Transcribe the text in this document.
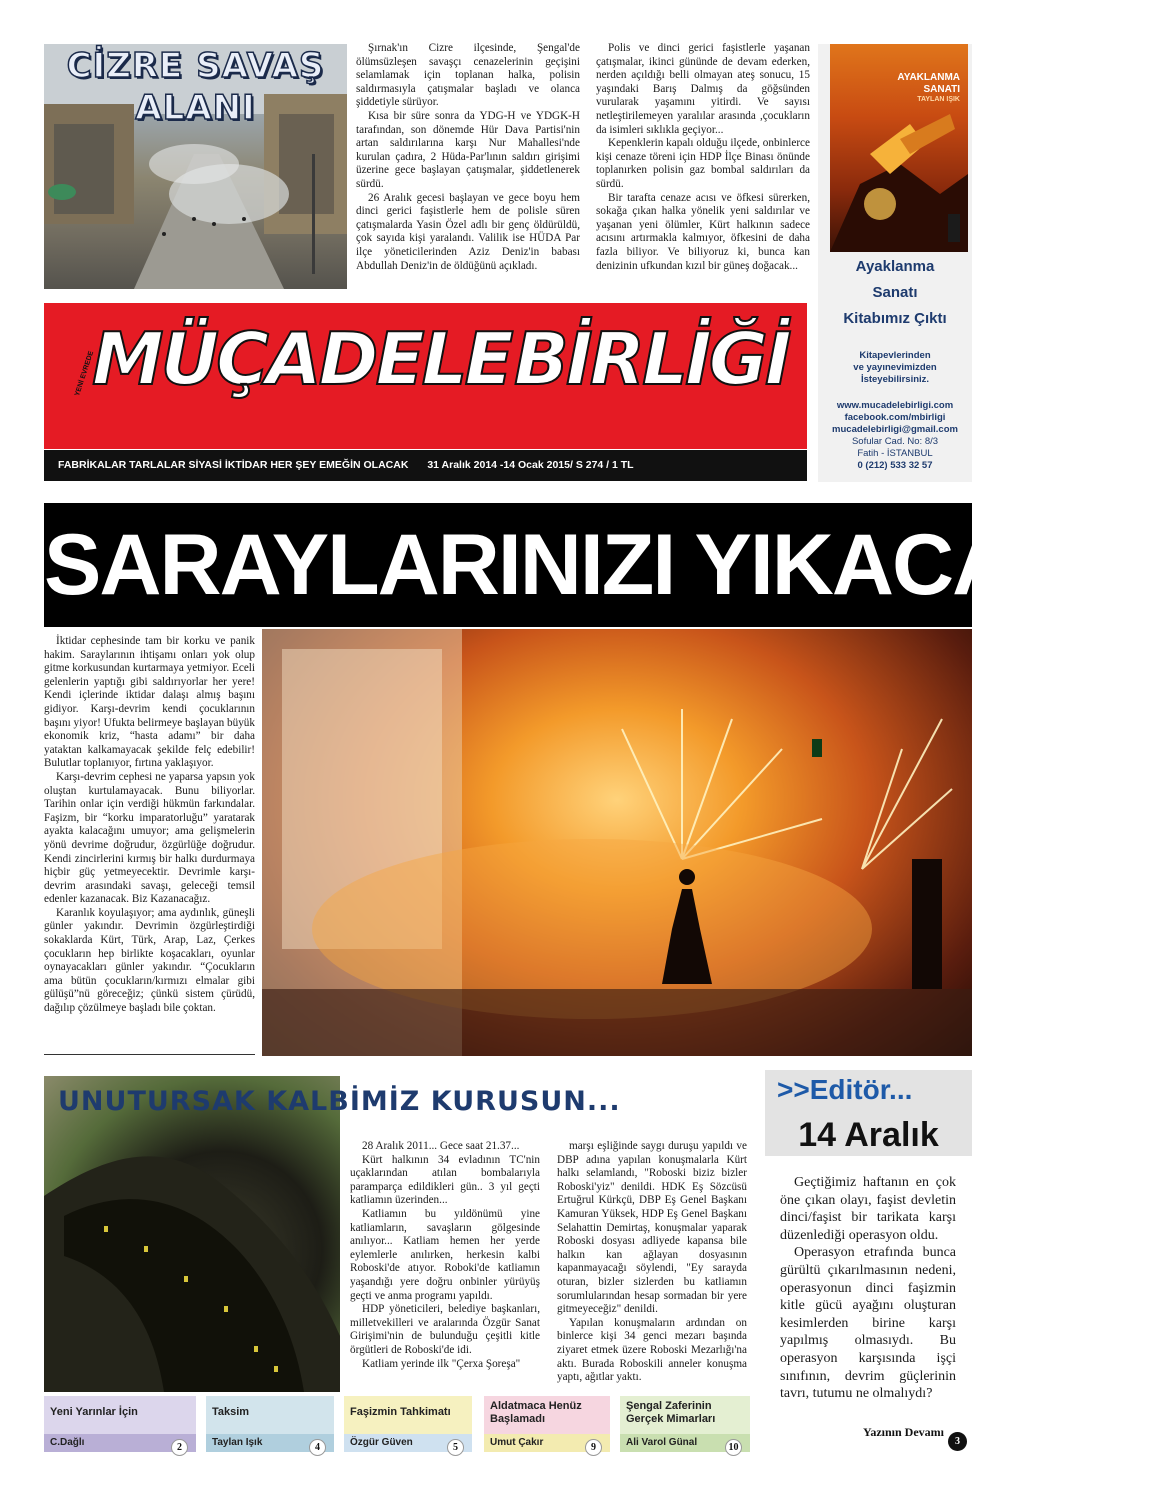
CİZRE SAVAŞ
ALANI

Şırnak'ın Cizre ilçesinde, Şengal'de ölümsüzleşen savaşçı cenazelerinin geçişini selamlamak için toplanan halka, polisin saldırmasıyla çatışmalar başladı ve olanca şiddetiyle sürüyor.

Kısa bir süre sonra da YDG-H ve YDGK-H tarafından, son dönemde Hür Dava Partisi'nin artan saldırılarına karşı Nur Mahallesi'nde kurulan çadıra, 2 Hüda-Par'lının saldırı girişimi üzerine gece başlayan çatışmalar, şiddetlenerek sürdü.

26 Aralık gecesi başlayan ve gece boyu hem dinci gerici faşistlerle hem de polisle süren çatışmalarda Yasin Özel adlı bir genç öldürüldü, çok sayıda kişi yaralandı. Valilik ise HÜDA Par ilçe yöneticilerinden Aziz Deniz'in babası Abdullah Deniz'in de öldüğünü açıkladı.

Polis ve dinci gerici faşistlerle yaşanan çatışmalar, ikinci gününde de devam ederken, nerden açıldığı belli olmayan ateş sonucu, 15 yaşındaki Barış Dalmış da göğsünden vurularak yaşamını yitirdi. Ve sayısı netleştirilemeyen yaralılar arasında ,çocukların da isimleri sıklıkla geçiyor...

Kepenklerin kapalı olduğu ilçede, onbinlerce kişi cenaze töreni için HDP İlçe Binası önünde toplanırken polisin gaz bombal saldırıları da sürdü.

Bir tarafta cenaze acısı ve öfkesi sürerken, sokağa çıkan halka yönelik yeni saldırılar ve yaşanan yeni ölümler, Kürt halkının sadece acısını artırmakla kalmıyor, öfkesini de daha fazla biliyor. Ve biliyoruz ki, bunca kan denizinin ufkundan kızıl bir güneş doğacak...

AYAKLANMA
SANATI
TAYLAN IŞIK
Ayaklanma
Sanatı
Kitabımız Çıktı
Kitapevlerinden
ve yayınevimizden
İsteyebilirsiniz.
www.mucadelebirligi.com
facebook.com/mbirligi
mucadelebirligi@gmail.com
Sofular Cad. No: 8/3
Fatih - İSTANBUL
0 (212) 533 32 57
YENİ EVREDE
MÜÇADELE BİRLİĞİ
FABRİKALAR TARLALAR SİYASİ İKTİDAR HER ŞEY EMEĞİN OLACAK 31 Aralık 2014 -14 Ocak 2015/ S 274 / 1 TL
SARAYLARINIZI YIKACAĞIZ!

İktidar cephesinde tam bir korku ve panik hakim. Saraylarının ihtişamı onları yok olup gitme korkusundan kurtarmaya yetmiyor. Eceli gelenlerin yaptığı gibi saldırıyorlar her yere! Kendi içlerinde iktidar dalaşı almış başını gidiyor. Karşı-devrim kendi çocuklarının başını yiyor! Ufukta belirmeye başlayan büyük ekonomik kriz, “hasta adamı” bir daha yataktan kalkamayacak şekilde felç edebilir! Bulutlar toplanıyor, fırtına yaklaşıyor.

Karşı-devrim cephesi ne yaparsa yapsın yok oluştan kurtulamayacak. Bunu biliyorlar. Tarihin onlar için verdiği hükmün farkındalar. Faşizm, bir “korku imparatorluğu” yaratarak ayakta kalacağını umuyor; ama gelişmelerin yönü devrime doğrudur, özgürlüğe doğrudur. Kendi zincirlerini kırmış bir halkı durdurmaya hiçbir güç yetmeyecektir. Devrimle karşı-devrim arasındaki savaşı, geleceği temsil edenler kazanacak. Biz Kazanacağız.

Karanlık koyulaşıyor; ama aydınlık, güneşli günler yakındır. Devrimin özgürleştirdiği sokaklarda Kürt, Türk, Arap, Laz, Çerkes çocukların hep birlikte koşacakları, oyunlar oynayacakları günler yakındır. “Çocukların ama bütün çocukların/kırmızı elmalar gibi gülüşü”nü göreceğiz; çünkü sistem çürüdü, dağılıp çözülmeye başladı bile çoktan.

UNUTURSAK KALBİMİZ KURUSUN...

28 Aralık 2011... Gece saat 21.37...

Kürt halkının 34 evladının TC'nin uçaklarından atılan bombalarıyla paramparça edildikleri gün.. 3 yıl geçti katliamın üzerinden...

Katliamın bu yıldönümü yine katliamların, savaşların gölgesinde anılıyor... Katliam hemen her yerde eylemlerle anılırken, herkesin kalbi Roboski'de atıyor. Roboki'de katliamın yaşandığı yere doğru onbinler yürüyüş geçti ve anma programı yapıldı.

HDP yöneticileri, belediye başkanları, milletvekilleri ve aralarında Özgür Sanat Girişimi'nin de bulunduğu çeşitli kitle örgütleri de Roboski'de idi.

Katliam yerinde ilk "Çerxa Şoreşa"

marşı eşliğinde saygı duruşu yapıldı ve DBP adına yapılan konuşmalarla Kürt halkı selamlandı, "Roboski biziz bizler Roboski'yiz" denildi. HDK Eş Sözcüsü Ertuğrul Kürkçü, DBP Eş Genel Başkanı Kamuran Yüksek, HDP Eş Genel Başkanı Selahattin Demirtaş, konuşmalar yaparak Roboski dosyası adliyede kapansa bile halkın kan ağlayan dosyasının kapanmayacağı söylendi, "Ey sarayda oturan, bizler sizlerden bu katliamın sorumlularından hesap sormadan bir yere gitmeyeceğiz" denildi.

Yapılan konuşmaların ardından on binlerce kişi 34 genci mezarı başında ziyaret etmek üzere Roboski Mezarlığı'na aktı. Burada Roboskili anneler konuşma yaptı, ağıtlar yaktı.

>>Editör...
14 Aralık

Geçtiğimiz haftanın en çok öne çıkan olayı, faşist devletin dinci/faşist bir tarikata karşı düzenlediği operasyon oldu.

Operasyon etrafında bunca gürültü çıkarılmasının nedeni, operasyonun dinci faşizmin kitle gücü ayağını oluşturan kesimlerden birine karşı yapılmış olmasıydı. Bu operasyon karşısında işçi sınıfının, devrim güçlerinin tavrı, tutumu ne olmalıydı?

Yazının Devamı
3
Yeni Yarınlar İçin
C.Dağlı	2
Taksim
Taylan Işık	4
Faşizmin Tahkimatı
Özgür Güven	5
Aldatmaca Henüz Başlamadı
Umut Çakır	9
Şengal Zaferinin Gerçek Mimarları
Ali Varol Günal	10
